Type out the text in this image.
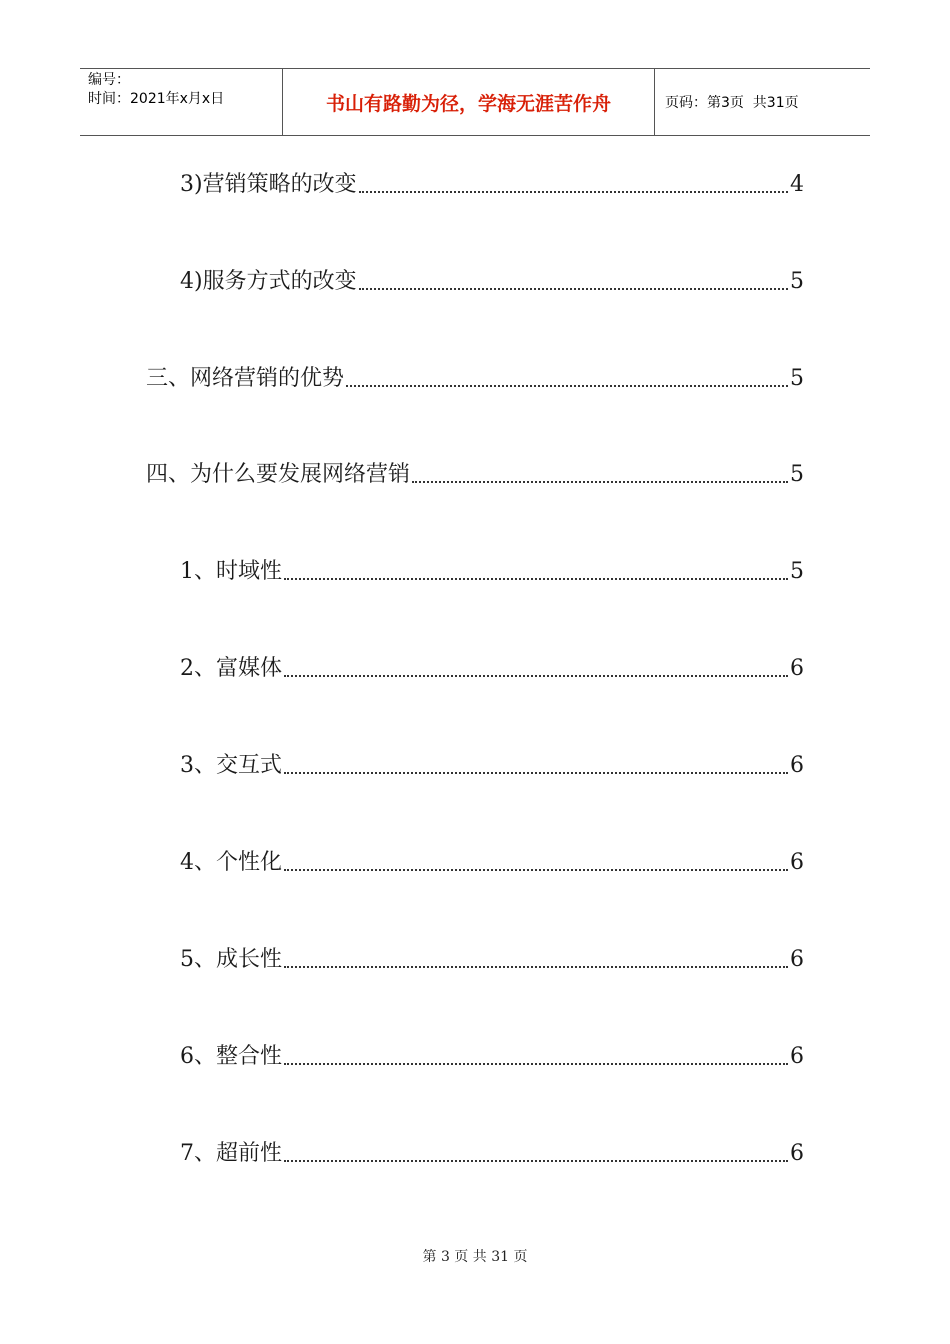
编号：
时间：2021年x月x日	书山有路勤为径，学海无涯苦作舟	页码：第3页  共31页
3)营销策略的改变	4
4)服务方式的改变	5
三、网络营销的优势	5
四、为什么要发展网络营销	5
1、时域性	5
2、富媒体	6
3、交互式	6
4、个性化	6
5、成长性	6
6、整合性	6
7、超前性	6
第 3 页 共 31 页
